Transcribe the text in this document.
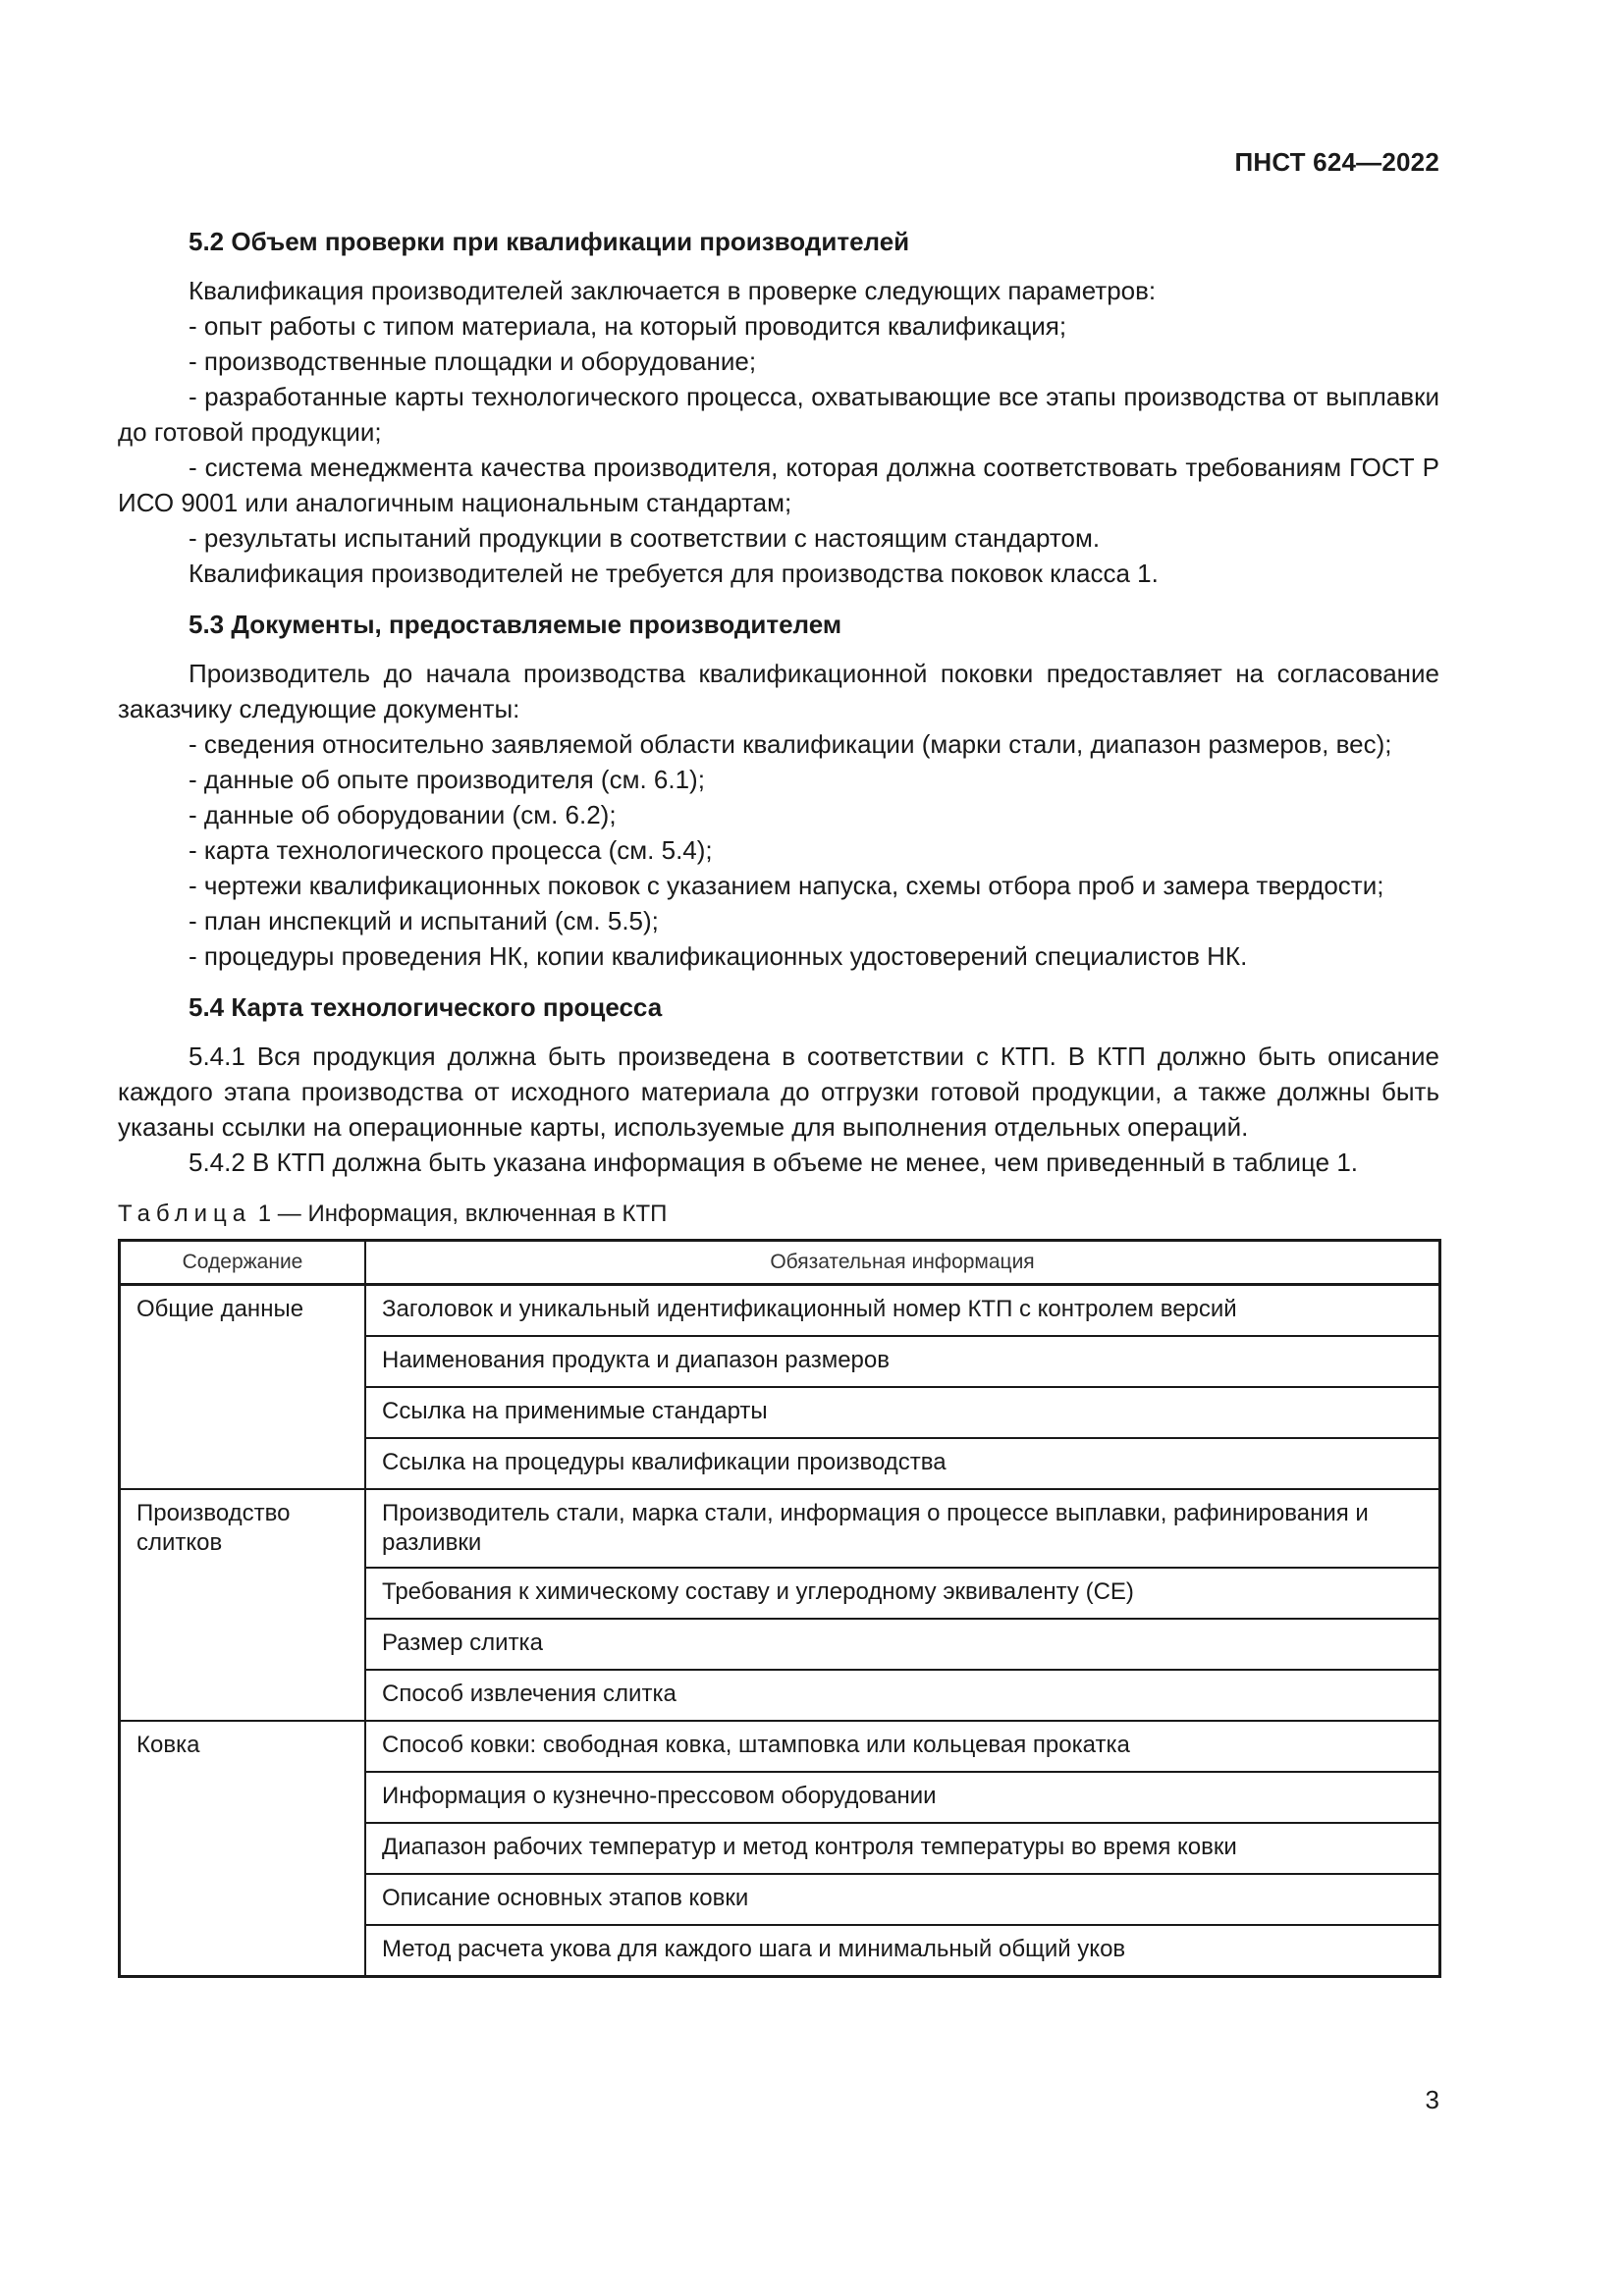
ПНСТ 624—2022
5.2 Объем проверки при квалификации производителей

Квалификация производителей заключается в проверке следующих параметров:

- опыт работы с типом материала, на который проводится квалификация;

- производственные площадки и оборудование;

- разработанные карты технологического процесса, охватывающие все этапы производства от выплавки до готовой продукции;

- система менеджмента качества производителя, которая должна соответствовать требованиям ГОСТ Р ИСО 9001 или аналогичным национальным стандартам;

- результаты испытаний продукции в соответствии с настоящим стандартом.

Квалификация производителей не требуется для производства поковок класса 1.

5.3 Документы, предоставляемые производителем

Производитель до начала производства квалификационной поковки предоставляет на согласование заказчику следующие документы:

- сведения относительно заявляемой области квалификации (марки стали, диапазон размеров, вес);

- данные об опыте производителя (см. 6.1);

- данные об оборудовании (см. 6.2);

- карта технологического процесса (см. 5.4);

- чертежи квалификационных поковок с указанием напуска, схемы отбора проб и замера твердости;

- план инспекций и испытаний (см. 5.5);

- процедуры проведения НК, копии квалификационных удостоверений специалистов НК.

5.4 Карта технологического процесса

5.4.1 Вся продукция должна быть произведена в соответствии с КТП. В КТП должно быть описание каждого этапа производства от исходного материала до отгрузки готовой продукции, а также должны быть указаны ссылки на операционные карты, используемые для выполнения отдельных операций.

5.4.2 В КТП должна быть указана информация в объеме не менее, чем приведенный в таблице 1.

Таблица 1 — Информация, включенная в КТП
Содержание	Обязательная информация
Общие данные	Заголовок и уникальный идентификационный номер КТП с контролем версий
	Наименования продукта и диапазон размеров
	Ссылка на применимые стандарты
	Ссылка на процедуры квалификации производства
Производство слитков	Производитель стали, марка стали, информация о процессе выплавки, рафинирования и разливки
	Требования к химическому составу и углеродному эквиваленту (CE)
	Размер слитка
	Способ извлечения слитка
Ковка	Способ ковки: свободная ковка, штамповка или кольцевая прокатка
	Информация о кузнечно-прессовом оборудовании
	Диапазон рабочих температур и метод контроля температуры во время ковки
	Описание основных этапов ковки
	Метод расчета укова для каждого шага и минимальный общий уков
3
